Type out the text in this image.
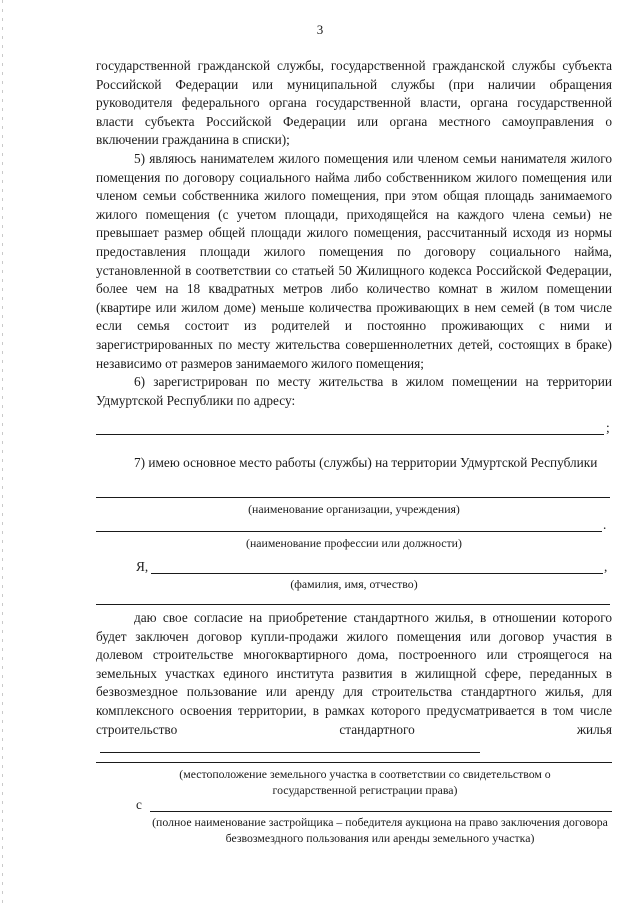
3

государственной гражданской службы, государственной гражданской службы субъекта Российской Федерации или муниципальной службы (при наличии обращения руководителя федерального органа государственной власти, органа государственной власти субъекта Российской Федерации или органа местного самоуправления о включении гражданина в списки);

5) являюсь нанимателем жилого помещения или членом семьи нанимателя жилого помещения по договору социального найма либо собственником жилого помещения или членом семьи собственника жилого помещения, при этом общая площадь занимаемого жилого помещения (с учетом площади, приходящейся на каждого члена семьи) не превышает размер общей площади жилого помещения, рассчитанный исходя из нормы предоставления площади жилого помещения по договору социального найма, установленной в соответствии со статьей 50 Жилищного кодекса Российской Федерации, более чем на 18 квадратных метров либо количество комнат в жилом помещении (квартире или жилом доме) меньше количества проживающих в нем семей (в том числе если семья состоит из родителей и постоянно проживающих с ними и зарегистрированных по месту жительства совершеннолетних детей, состоящих в браке) независимо от размеров занимаемого жилого помещения;

6) зарегистрирован по месту жительства в жилом помещении на территории Удмуртской Республики по адресу:

;
7) имею основное место работы (службы) на территории Удмуртской Республики
(наименование организации, учреждения)
.
(наименование профессии или должности)
Я,	,
(фамилия, имя, отчество)
даю свое согласие на приобретение стандартного жилья, в отношении которого будет заключен договор купли-продажи жилого помещения или договор участия в долевом строительстве многоквартирного дома, построенного или строящегося на земельных участках единого института развития в жилищной сфере, переданных в безвозмездное пользование или аренду для строительства стандартного жилья, для комплексного освоения территории, в рамках которого предусматривается в том числе строительство стандартного жилья
(местоположение земельного участка в соответствии со свидетельством о государственной регистрации права)
с
(полное наименование застройщика – победителя аукциона на право заключения договора безвозмездного пользования или аренды земельного участка)
